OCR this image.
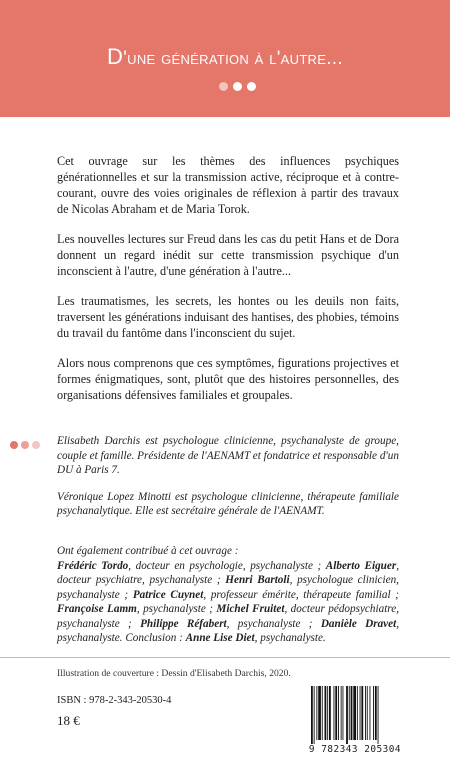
D'une génération à l'autre...

Cet ouvrage sur les thèmes des influences psychiques générationnelles et sur la transmission active, réciproque et à contre-courant, ouvre des voies originales de réflexion à partir des travaux de Nicolas Abraham et de Maria Torok.

Les nouvelles lectures sur Freud dans les cas du petit Hans et de Dora donnent un regard inédit sur cette transmission psychique d'un inconscient à l'autre, d'une génération à l'autre...

Les traumatismes, les secrets, les hontes ou les deuils non faits, traversent les générations induisant des hantises, des phobies, témoins du travail du fantôme dans l'inconscient du sujet.

Alors nous comprenons que ces symptômes, figurations projectives et formes énigmatiques, sont, plutôt que des histoires personnelles, des organisations défensives familiales et groupales.

Elisabeth Darchis est psychologue clinicienne, psychanalyste de groupe, couple et famille. Présidente de l'AENAMT et fondatrice et responsable d'un DU à Paris 7.

Véronique Lopez Minotti est psychologue clinicienne, thérapeute familiale psychanalytique. Elle est secrétaire générale de l'AENAMT.

Ont également contribué à cet ouvrage :
Frédéric Tordo, docteur en psychologie, psychanalyste ; Alberto Eiguer, docteur psychiatre, psychanalyste ; Henri Bartoli, psychologue clinicien, psychanalyste ; Patrice Cuynet, professeur émérite, thérapeute familial ; Françoise Lamm, psychanalyste ; Michel Fruitet, docteur pédopsychiatre, psychanalyste ; Philippe Réfabert, psychanalyste ; Danièle Dravet, psychanalyste. Conclusion : Anne Lise Diet, psychanalyste.
Illustration de couverture : Dessin d'Elisabeth Darchis, 2020.
ISBN : 978-2-343-20530-4
18 €
9 782343 205304
